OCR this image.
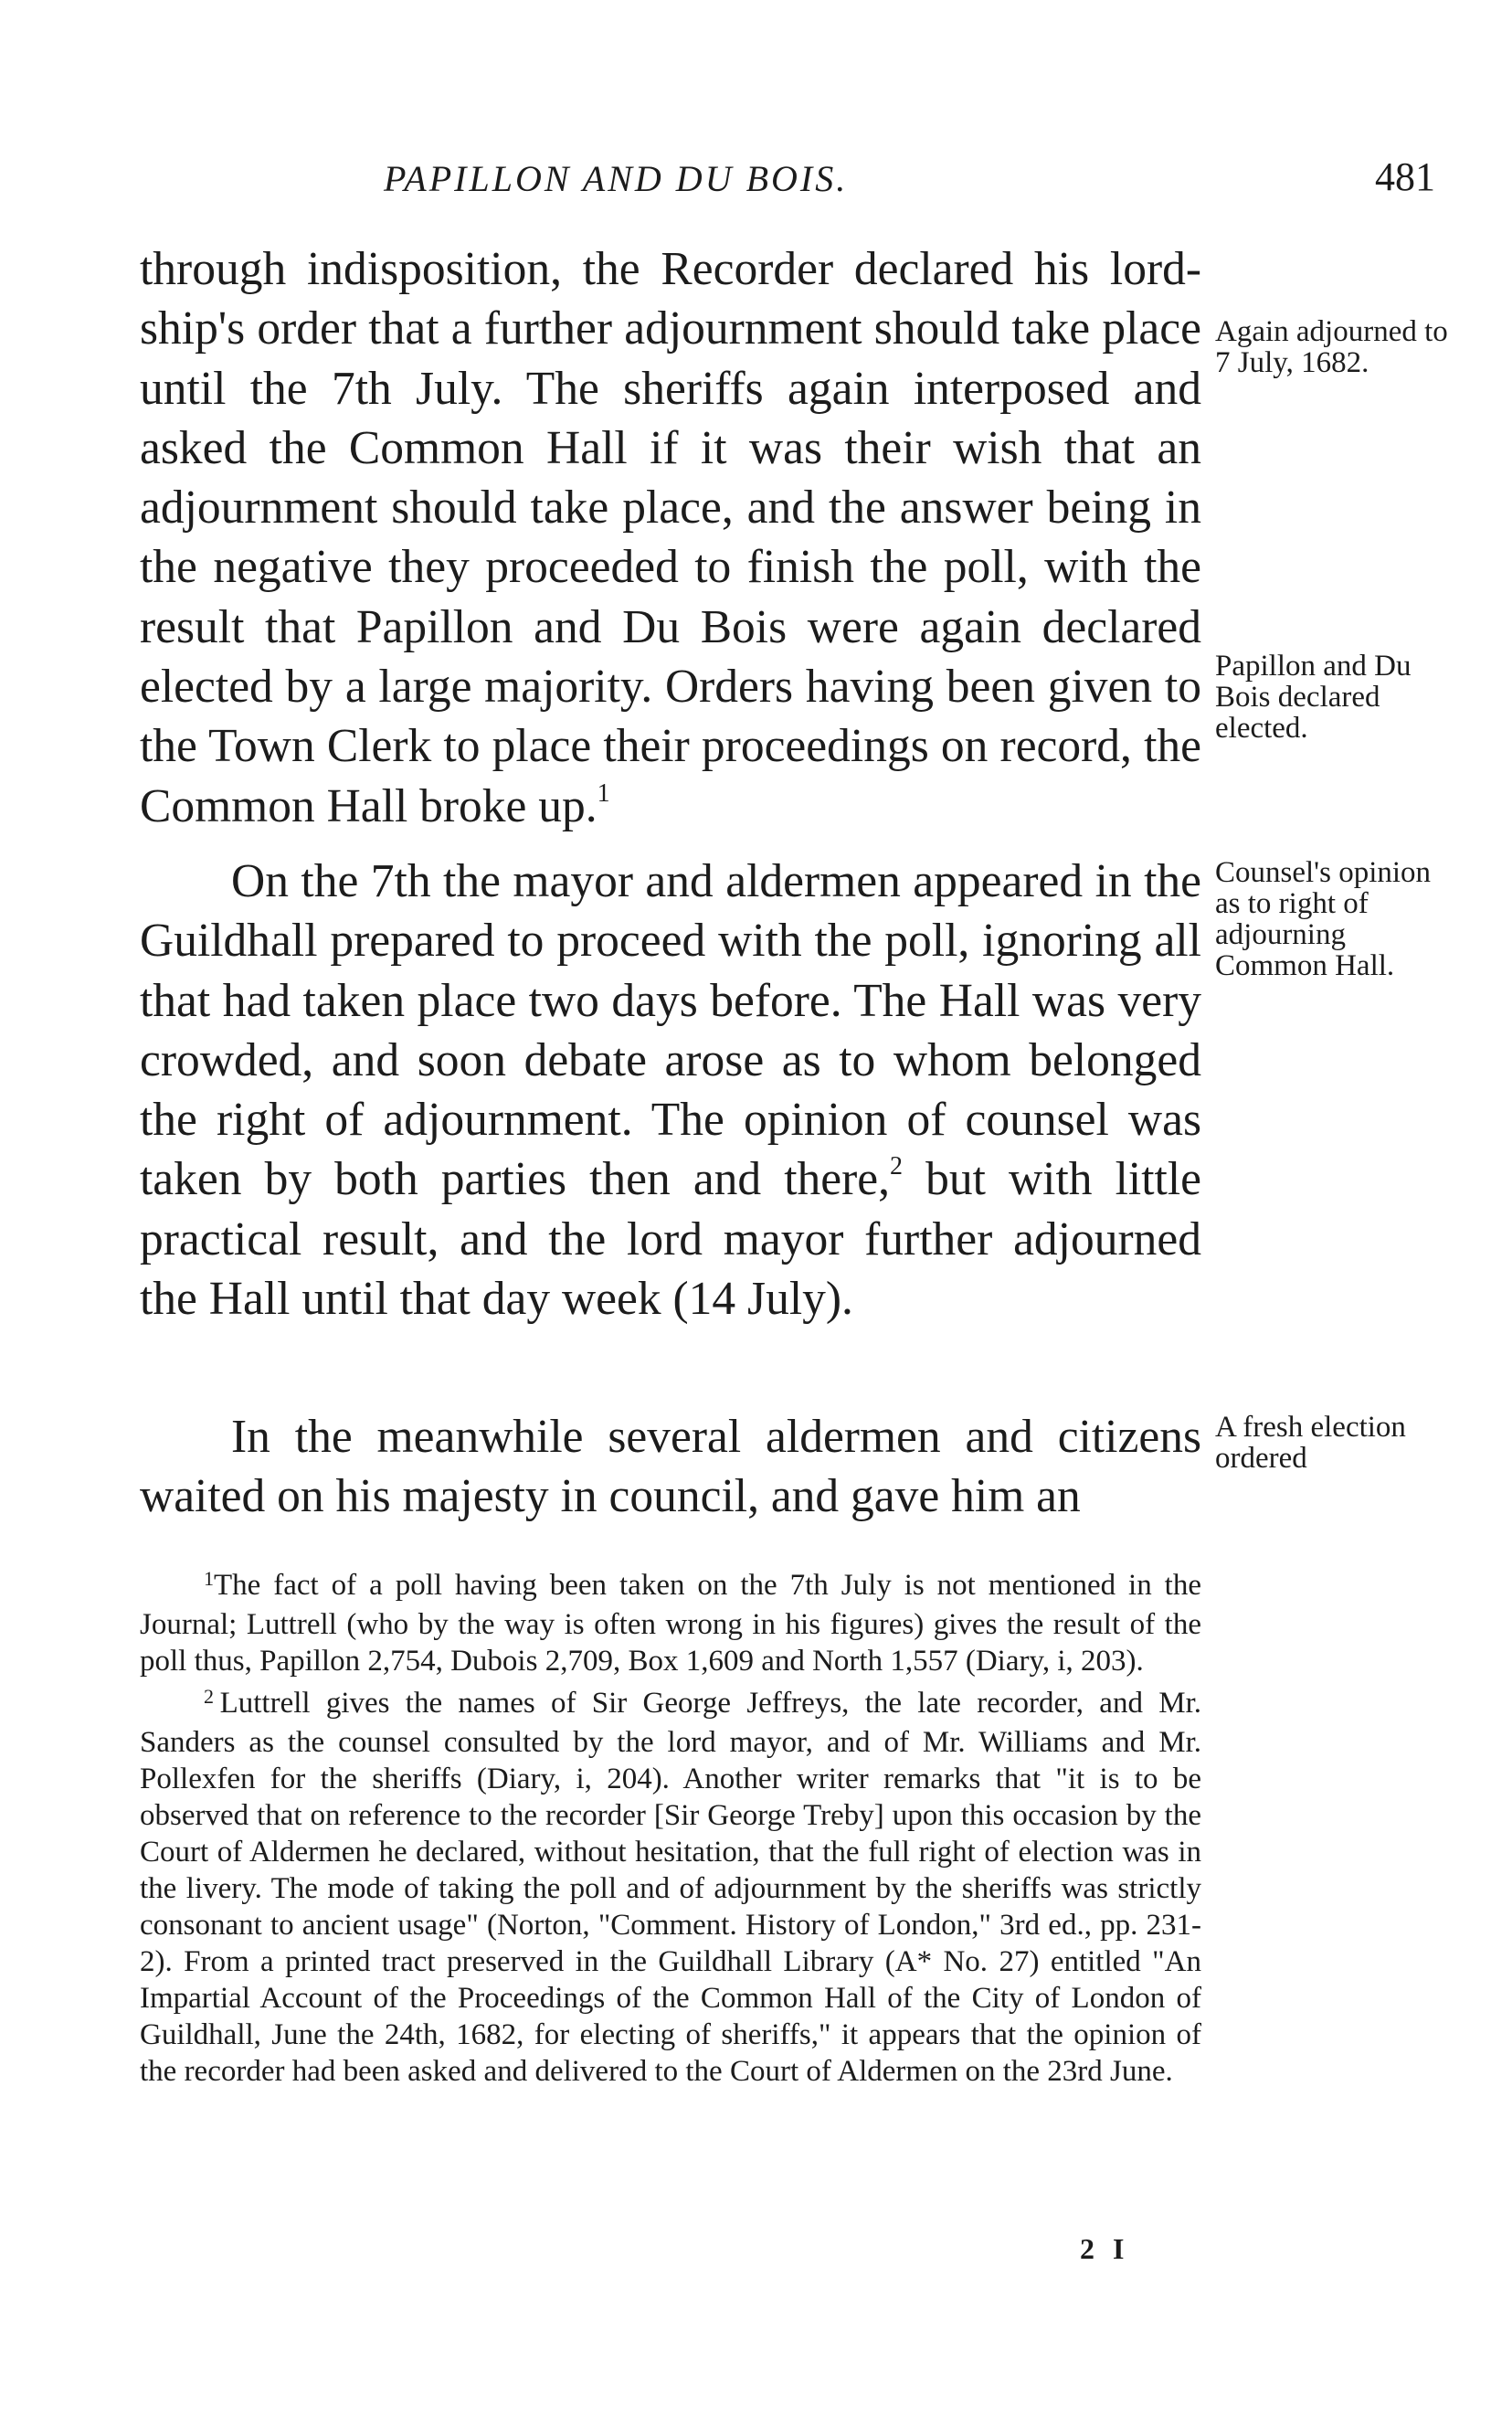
PAPILLON AND DU BOIS.	481

through indisposition, the Recorder declared his lord-ship's order that a further adjournment should take place until the 7th July. The sheriffs again interposed and asked the Common Hall if it was their wish that an adjournment should take place, and the answer being in the negative they proceeded to finish the poll, with the result that Papillon and Du Bois were again declared elected by a large majority. Orders having been given to the Town Clerk to place their proceedings on record, the Common Hall broke up.$^1$

On the 7th the mayor and aldermen appeared in the Guildhall prepared to proceed with the poll, ignoring all that had taken place two days before. The Hall was very crowded, and soon debate arose as to whom belonged the right of adjournment. The opinion of counsel was taken by both parties then and there,$^2$ but with little practical result, and the lord mayor further adjourned the Hall until that day week (14 July).

In the meanwhile several aldermen and citizens waited on his majesty in council, and gave him an

Again adjourned to 7 July, 1682.
Papillon and Du Bois declared elected.
Counsel's opinion as to right of adjourning Common Hall.
A fresh election ordered

$^1$The fact of a poll having been taken on the 7th July is not mentioned in the Journal; Luttrell (who by the way is often wrong in his figures) gives the result of the poll thus, Papillon 2,754, Dubois 2,709, Box 1,609 and North 1,557 (Diary, i, 203).

$^2$  Luttrell gives the names of Sir George Jeffreys, the late recorder, and Mr. Sanders as the counsel consulted by the lord mayor, and of Mr. Williams and Mr. Pollexfen for the sheriffs (Diary, i, 204). Another writer remarks that "it is to be observed that on reference to the recorder [Sir George Treby] upon this occasion by the Court of Aldermen he declared, without hesitation, that the full right of election was in the livery. The mode of taking the poll and of adjournment by the sheriffs was strictly consonant to ancient usage" (Norton, "Comment. History of London," 3rd ed., pp. 231-2). From a printed tract preserved in the Guildhall Library (A* No. 27) entitled "An Impartial Account of the Proceedings of the Common Hall of the City of London of Guildhall, June the 24th, 1682, for electing of sheriffs," it appears that the opinion of the recorder had been asked and delivered to the Court of Aldermen on the 23rd June.

2 I
